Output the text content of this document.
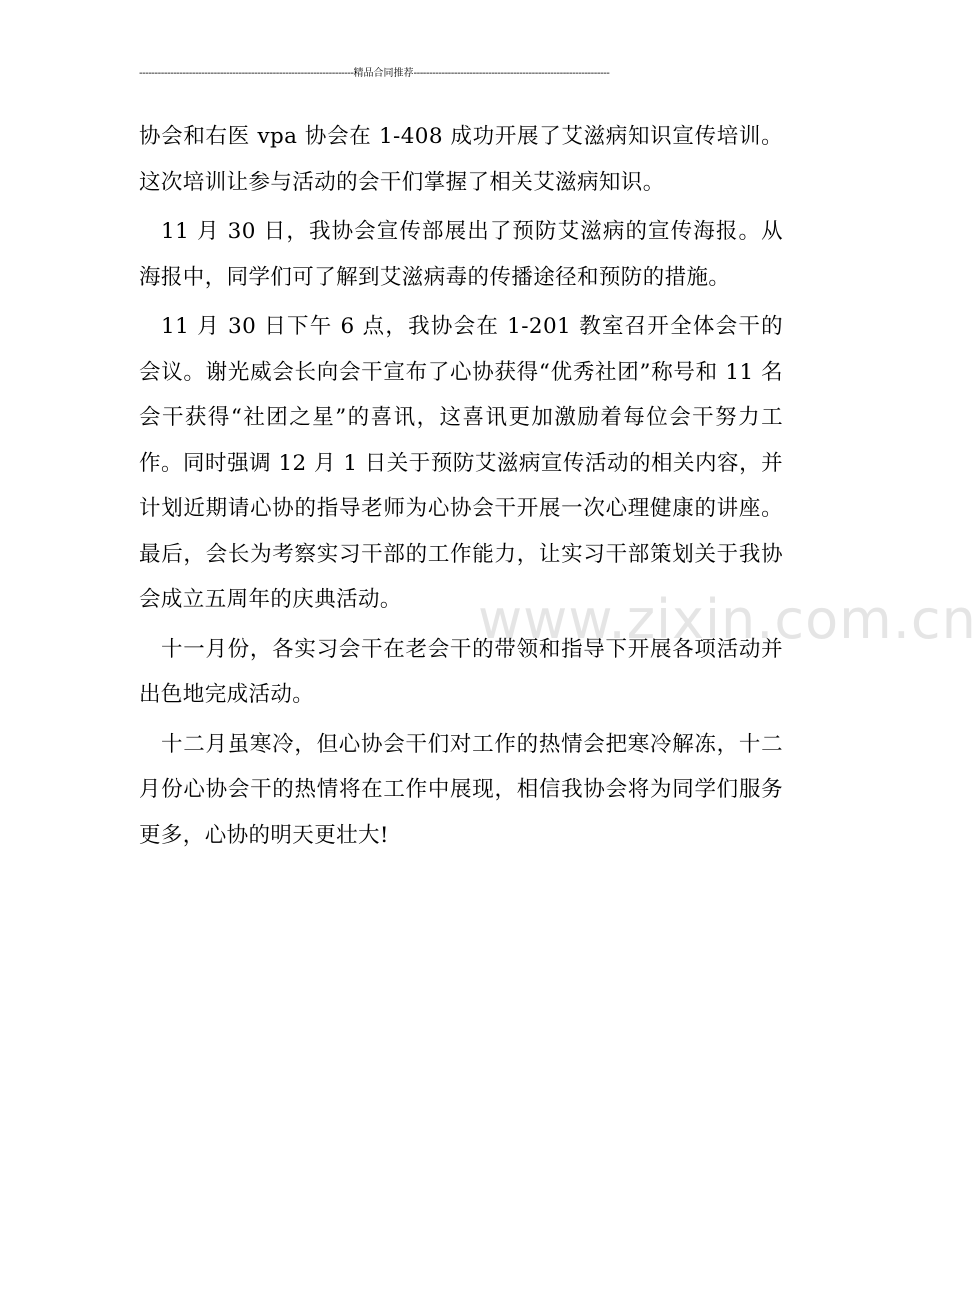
---------------------------------------------------------------------精品合同推荐---------------------------------------------------------------

协会和右医 vpa 协会在 1-408 成功开展了艾滋病知识宣传培训。这次培训让参与活动的会干们掌握了相关艾滋病知识。

11 月 30 日，我协会宣传部展出了预防艾滋病的宣传海报。从海报中，同学们可了解到艾滋病毒的传播途径和预防的措施。

11 月 30 日下午 6 点，我协会在 1-201 教室召开全体会干的会议。谢光威会长向会干宣布了心协获得“优秀社团”称号和 11 名会干获得“社团之星”的喜讯，这喜讯更加激励着每位会干努力工作。同时强调 12 月 1 日关于预防艾滋病宣传活动的相关内容，并计划近期请心协的指导老师为心协会干开展一次心理健康的讲座。最后，会长为考察实习干部的工作能力，让实习干部策划关于我协会成立五周年的庆典活动。

十一月份，各实习会干在老会干的带领和指导下开展各项活动并出色地完成活动。

十二月虽寒冷，但心协会干们对工作的热情会把寒冷解冻，十二月份心协会干的热情将在工作中展现，相信我协会将为同学们服务更多，心协的明天更壮大!

www.zixin.com.cn
